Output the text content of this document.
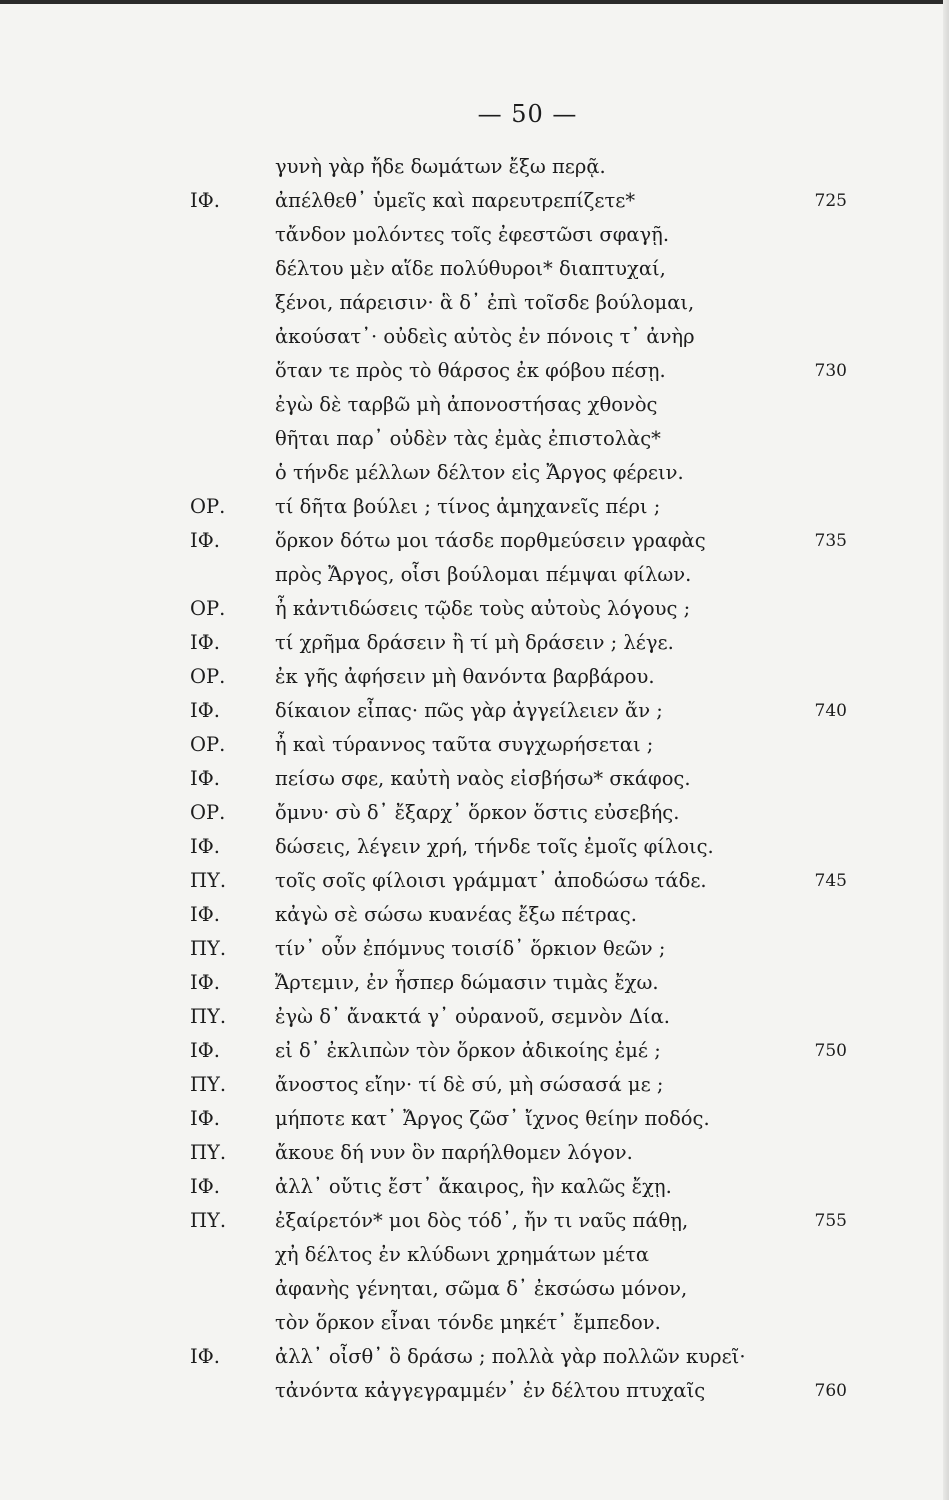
— 50 —
γυνὴ γὰρ ἤδε δωμάτων ἔξω περᾷ.
ΙΦ.	ἀπέλθεθ᾽ ὑμεῖς καὶ παρευτρεπίζετε*	725
τἄνδον μολόντες τοῖς ἐφεστῶσι σφαγῇ.
δέλτου μὲν αἵδε πολύθυροι* διαπτυχαί,
ξένοι, πάρεισιν· ἃ δ᾽ ἐπὶ τοῖσδε βούλομαι,
ἀκούσατ᾽· οὐδεὶς αὐτὸς ἐν πόνοις τ᾽ ἀνὴρ
ὅταν τε πρὸς τὸ θάρσος ἐκ φόβου πέσῃ.	730
ἐγὼ δὲ ταρβῶ μὴ ἀπονοστήσας χθονὸς
θῆται παρ᾽ οὐδὲν τὰς ἐμὰς ἐπιστολὰς*
ὁ τήνδε μέλλων δέλτον εἰς Ἄργος φέρειν.
ΟΡ.	τί δῆτα βούλει ; τίνος ἀμηχανεῖς πέρι ;
ΙΦ.	ὅρκον δότω μοι τάσδε πορθμεύσειν γραφὰς	735
πρὸς Ἄργος, οἷσι βούλομαι πέμψαι φίλων.
ΟΡ.	ἦ κἀντιδώσεις τῷδε τοὺς αὐτοὺς λόγους ;
ΙΦ.	τί χρῆμα δράσειν ἢ τί μὴ δράσειν ; λέγε.
ΟΡ.	ἐκ γῆς ἀφήσειν μὴ θανόντα βαρβάρου.
ΙΦ.	δίκαιον εἶπας· πῶς γὰρ ἀγγείλειεν ἄν ;	740
ΟΡ.	ἦ καὶ τύραννος ταῦτα συγχωρήσεται ;
ΙΦ.	πείσω σφε, καὐτὴ ναὸς εἰσβήσω* σκάφος.
ΟΡ.	ὄμνυ· σὺ δ᾽ ἔξαρχ᾽ ὅρκον ὅστις εὐσεβής.
ΙΦ.	δώσεις, λέγειν χρή, τήνδε τοῖς ἐμοῖς φίλοις.
ΠΥ.	τοῖς σοῖς φίλοισι γράμματ᾽ ἀποδώσω τάδε.	745
ΙΦ.	κἀγὼ σὲ σώσω κυανέας ἔξω πέτρας.
ΠΥ.	τίν᾽ οὖν ἐπόμνυς τοισίδ᾽ ὅρκιον θεῶν ;
ΙΦ.	Ἄρτεμιν, ἐν ἧσπερ δώμασιν τιμὰς ἔχω.
ΠΥ.	ἐγὼ δ᾽ ἄνακτά γ᾽ οὐρανοῦ, σεμνὸν Δία.
ΙΦ.	εἰ δ᾽ ἐκλιπὼν τὸν ὅρκον ἀδικοίης ἐμέ ;	750
ΠΥ.	ἄνοστος εἴην· τί δὲ σύ, μὴ σώσασά με ;
ΙΦ.	μήποτε κατ᾽ Ἄργος ζῶσ᾽ ἴχνος θείην ποδός.
ΠΥ.	ἄκουε δή νυν ὃν παρήλθομεν λόγον.
ΙΦ.	ἀλλ᾽ οὔτις ἔστ᾽ ἄκαιρος, ἢν καλῶς ἔχῃ.
ΠΥ.	ἐξαίρετόν* μοι δὸς τόδ᾽, ἤν τι ναῦς πάθῃ,	755
χἠ δέλτος ἐν κλύδωνι χρημάτων μέτα
ἀφανὴς γένηται, σῶμα δ᾽ ἐκσώσω μόνον,
τὸν ὅρκον εἶναι τόνδε μηκέτ᾽ ἔμπεδον.
ΙΦ.	ἀλλ᾽ οἶσθ᾽ ὃ δράσω ; πολλὰ γὰρ πολλῶν κυρεῖ·
τἀνόντα κἀγγεγραμμέν᾽ ἐν δέλτου πτυχαῖς	760
